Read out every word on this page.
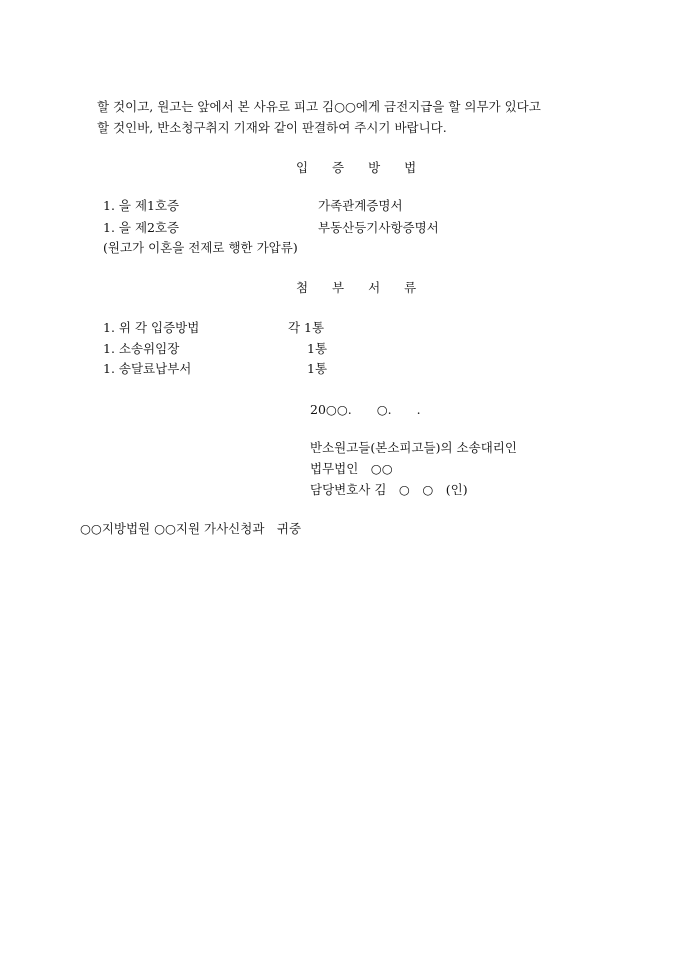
할 것이고, 원고는 앞에서 본 사유로 피고 김○○에게 금전지급을 할 의무가 있다고
할 것인바, 반소청구취지 기재와 같이 판결하여 주시기 바랍니다.
입 증 방 법
1. 을 제1호증	가족관계증명서
1. 을 제2호증	부동산등기사항증명서
(원고가 이혼을 전제로 행한 가압류)
첨 부 서 류
1. 위 각 입증방법	각 1통
1. 소송위임장	1통
1. 송달료납부서	1통
20○○.　　○.　　.
반소원고들(본소피고들)의 소송대리인
법무법인　○○
담당변호사 김　○　○　(인)
○○지방법원 ○○지원 가사신청과　귀중
